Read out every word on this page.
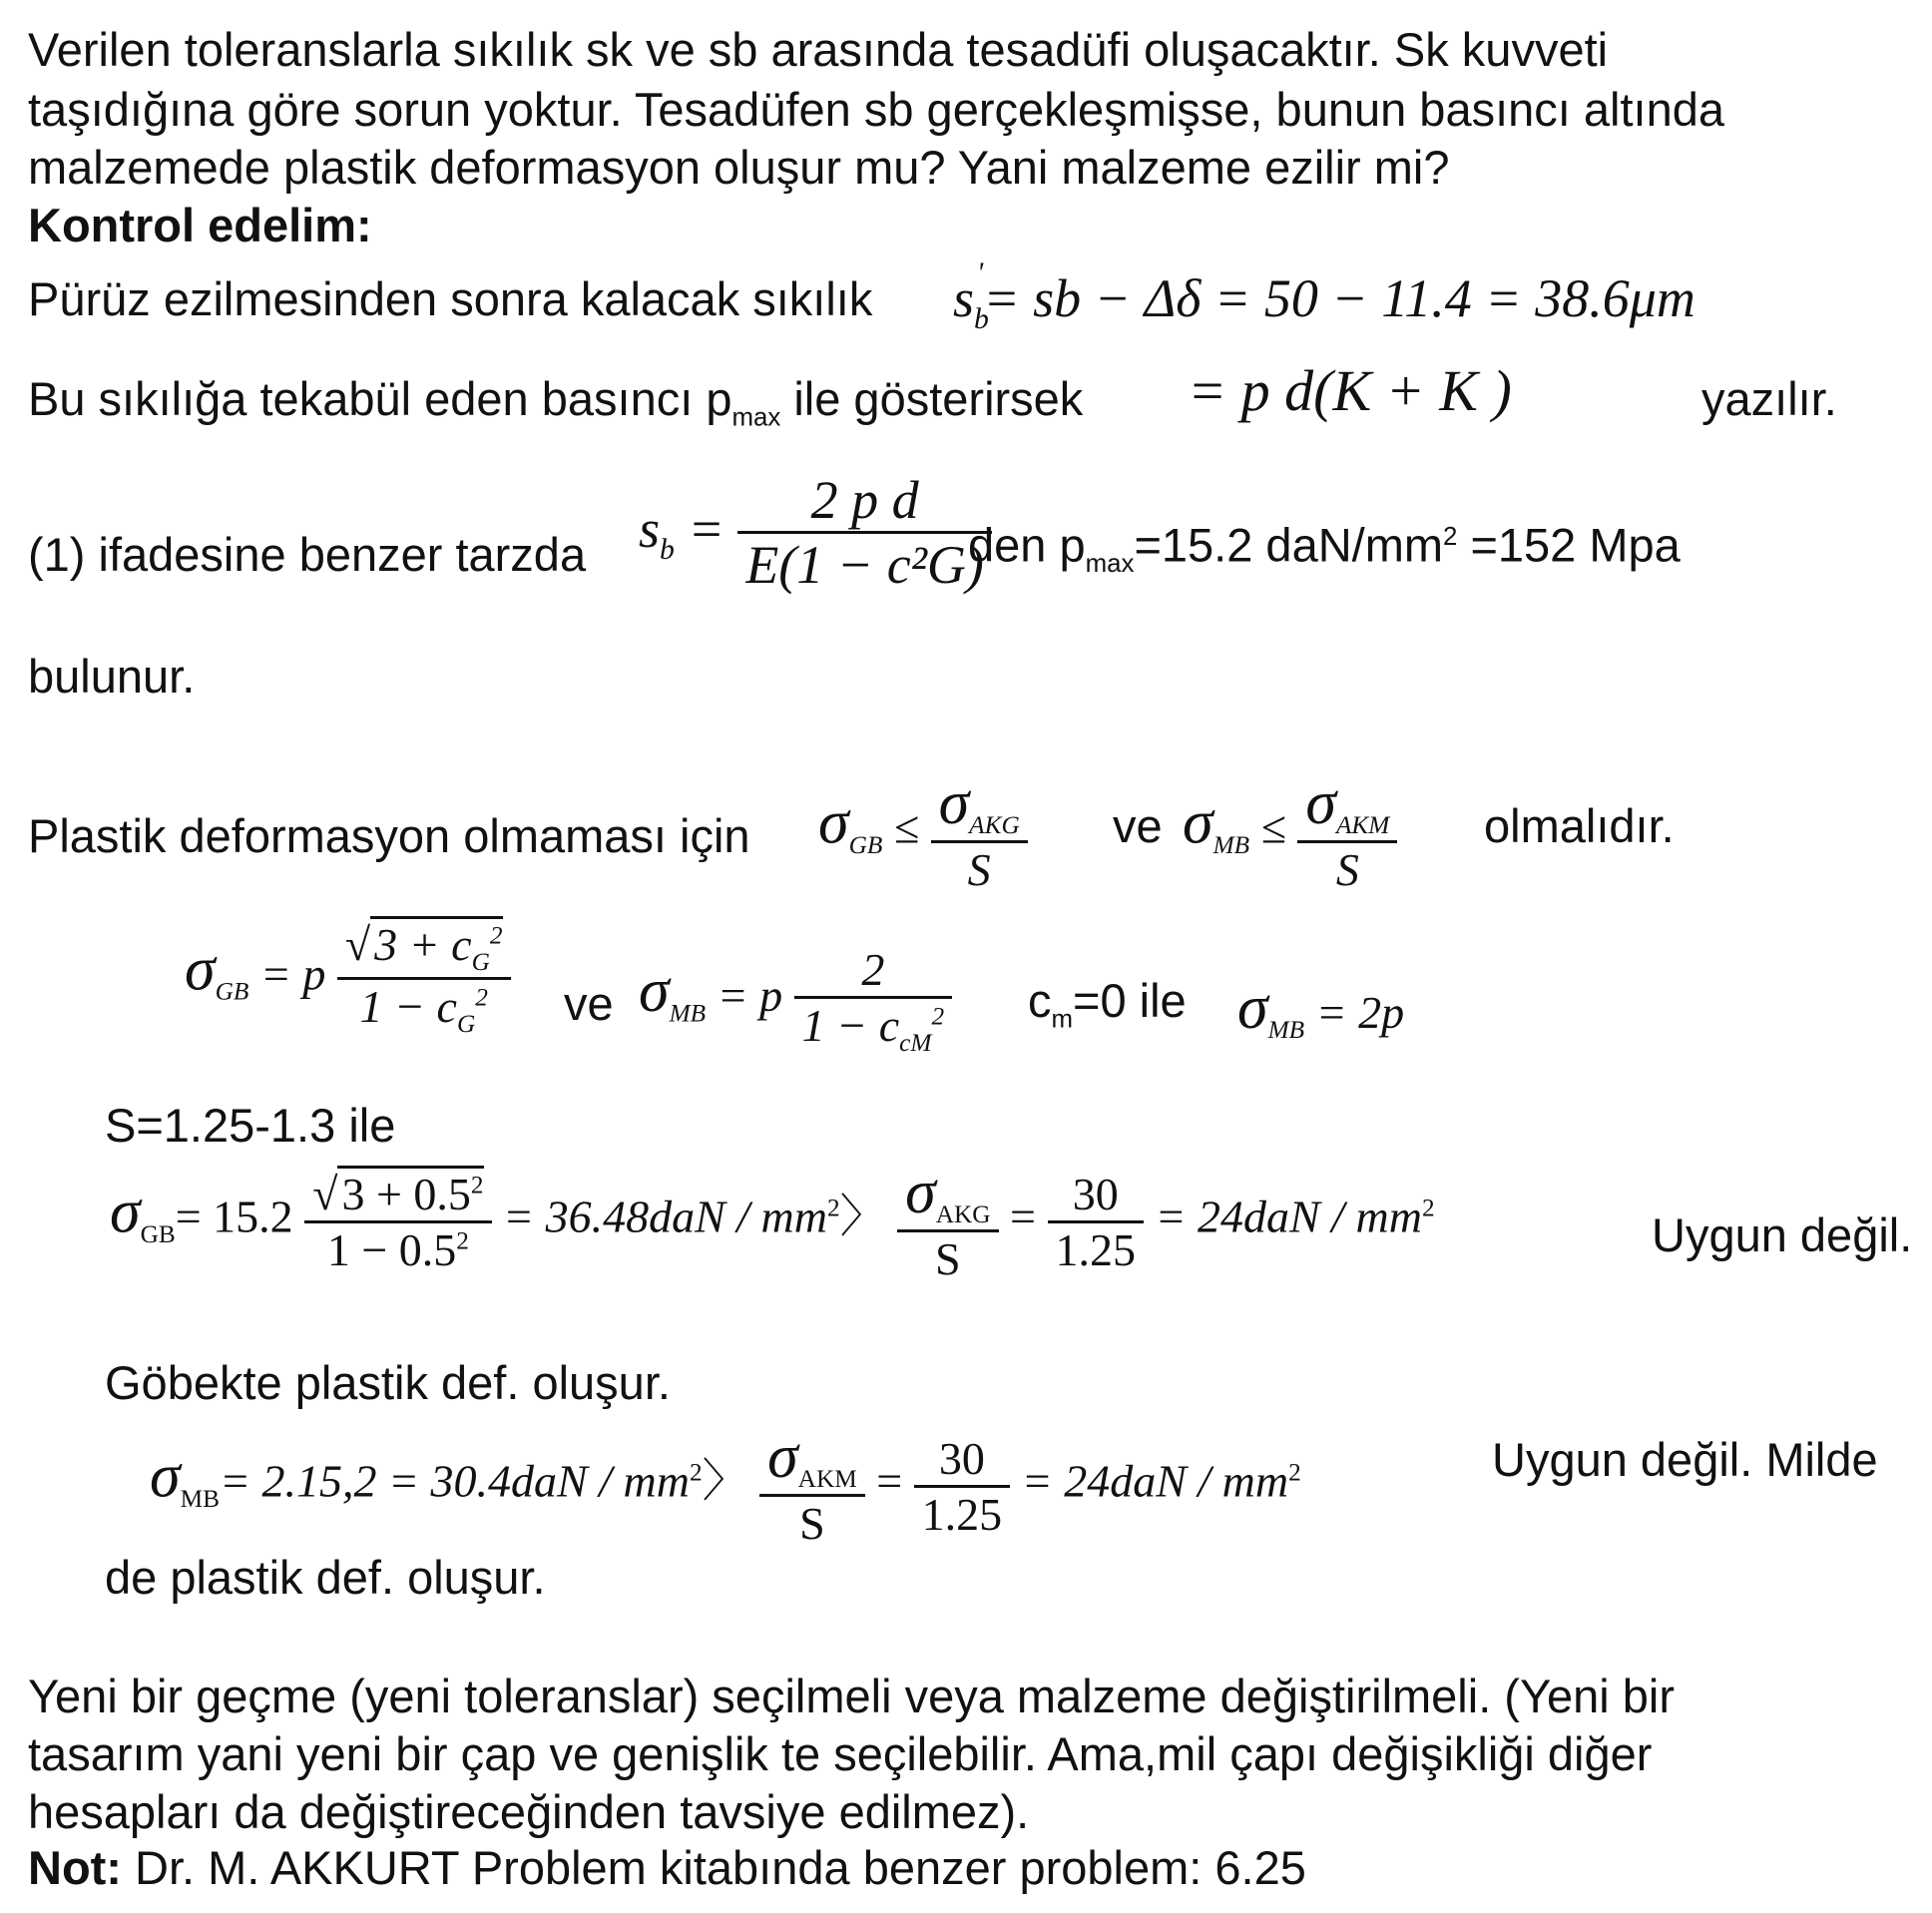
Verilen toleranslarla sıkılık sk ve sb arasında tesadüfi oluşacaktır. Sk kuvveti
taşıdığına göre sorun yoktur. Tesadüfen sb gerçekleşmişse, bunun basıncı altında
malzemede plastik deformasyon oluşur mu? Yani malzeme ezilir mi?
Kontrol edelim:
Pürüz ezilmesinden sonra kalacak sıkılık $s_b'=$ sb − Δδ = 50 − 11.4 = 38.6μm
Bu sıkılığa tekabül eden basıncı $p_{max}$ ile gösterirsek = p d(K + K )	yazılır.
(1) ifadesine benzer tarzda $s_b = \frac{\text{2 p d}}{\text{E(1 − c²G)}}$
den $p_{max}=15.2$ daN/$mm^2 =152$ Mpa
bulunur.
Plastik deformasyon olmaması için $\sigma_{GB} \le \frac{\sigma_{AKG}}{S}$ ve $\sigma_{MB} \le \frac{\sigma_{AKM}}{S}$ olmalıdır.
$\sigma_{GB} = p \frac{√3 + c_G^2}{1 - c_G^2}$ ve $\sigma_{MB} = p \frac{2}{1 - c_{cM}^2} c_m=0$ ile $\sigma_{MB} = 2p$
S=1.25-1.3 ile
$\sigma_{GB}= 15.2 \frac{√3 + 0.5^2}{1 - 0.5^2} = 36.48daN / mm^2$〉 $\frac{\sigma_{AKG}}{S} = \frac{30}{1.25} = 24daN / mm^2$
Uygun değil.
Göbekte plastik def. oluşur.
$\sigma_{MB}= 2.15,2 = 30.4daN / mm^2$〉 $\frac{\sigma_{AKM}}{S} = \frac{30}{1.25} = 24daN / mm^2$	Uygun değil. Milde
de plastik def. oluşur.
Yeni bir geçme (yeni toleranslar) seçilmeli veya malzeme değiştirilmeli. (Yeni bir
tasarım yani yeni bir çap ve genişlik te seçilebilir. Ama,mil çapı değişikliği diğer
hesapları da değiştireceğinden tavsiye edilmez).
Not: Dr. M. AKKURT Problem kitabında benzer problem: 6.25
